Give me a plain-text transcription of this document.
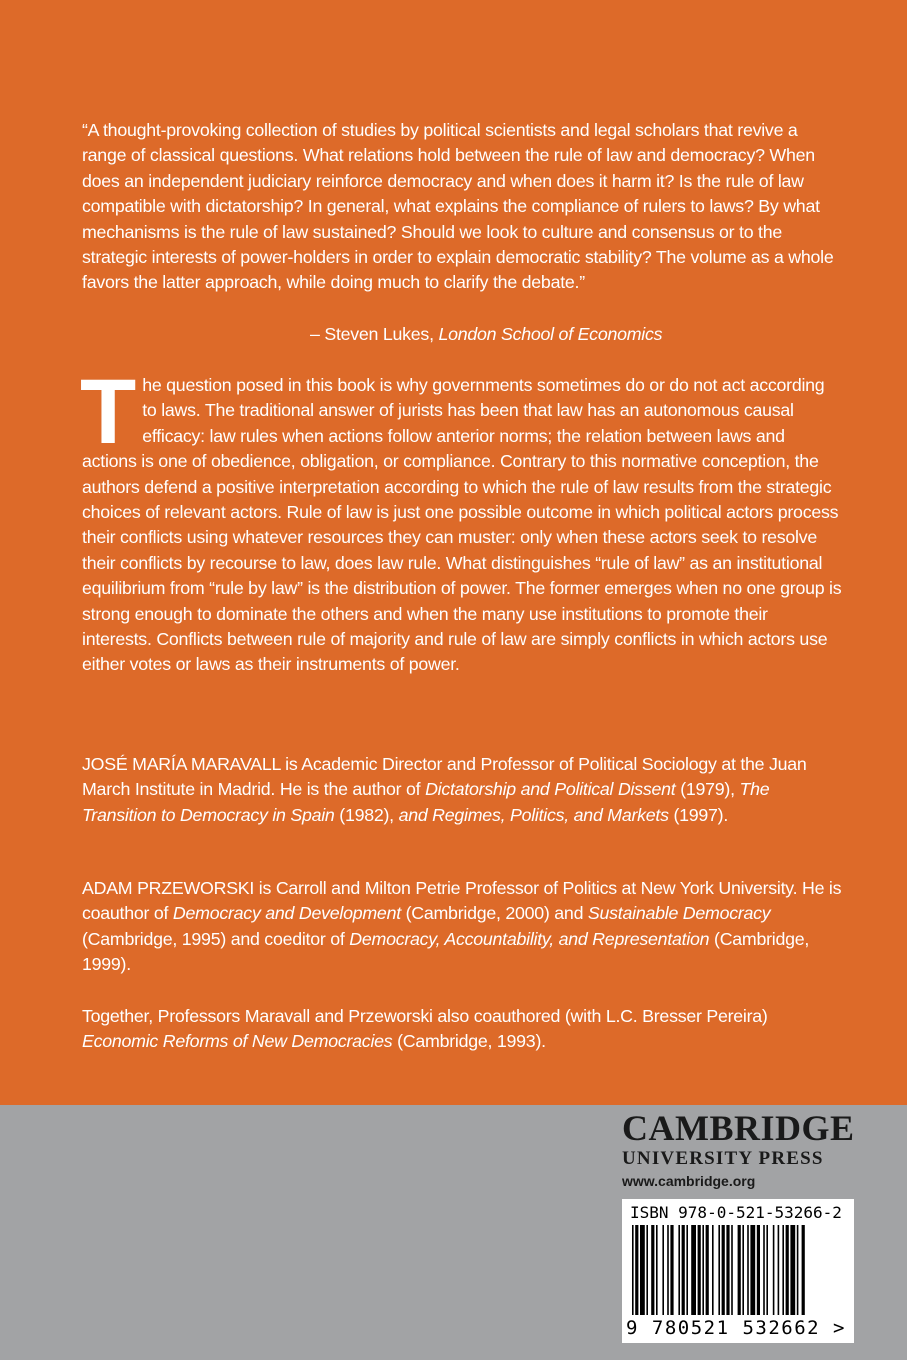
“A thought-provoking collection of studies by political scientists and legal scholars that revive a range of classical questions. What relations hold between the rule of law and democracy? When does an independent judiciary reinforce democracy and when does it harm it? Is the rule of law compatible with dictatorship? In general, what explains the compliance of rulers to laws? By what mechanisms is the rule of law sustained? Should we look to culture and consensus or to the strategic interests of power-holders in order to explain democratic stability? The volume as a whole favors the latter approach, while doing much to clarify the debate.”

– Steven Lukes, London School of Economics
The question posed in this book is why governments sometimes do or do not act according to laws. The traditional answer of jurists has been that law has an autonomous causal efficacy: law rules when actions follow anterior norms; the relation between laws and actions is one of obedience, obligation, or compliance. Contrary to this normative conception, the authors defend a positive interpretation according to which the rule of law results from the strategic choices of relevant actors. Rule of law is just one possible outcome in which political actors process their conflicts using whatever resources they can muster: only when these actors seek to resolve their conflicts by recourse to law, does law rule. What distinguishes “rule of law” as an institutional equilibrium from “rule by law” is the distribution of power. The former emerges when no one group is strong enough to dominate the others and when the many use institutions to promote their interests. Conflicts between rule of majority and rule of law are simply conflicts in which actors use either votes or laws as their instruments of power.

JOSÉ MARÍA MARAVALL is Academic Director and Professor of Political Sociology at the Juan March Institute in Madrid. He is the author of Dictatorship and Political Dissent (1979), The Transition to Democracy in Spain (1982), and Regimes, Politics, and Markets (1997).

ADAM PRZEWORSKI is Carroll and Milton Petrie Professor of Politics at New York University. He is coauthor of Democracy and Development (Cambridge, 2000) and Sustainable Democracy (Cambridge, 1995) and coeditor of Democracy, Accountability, and Representation (Cambridge, 1999).

Together, Professors Maravall and Przeworski also coauthored (with L.C. Bresser Pereira) Economic Reforms of New Democracies (Cambridge, 1993).

CAMBRIDGE
UNIVERSITY PRESS
www.cambridge.org
ISBN 978-0-521-53266-2
9 780521 532662 >
